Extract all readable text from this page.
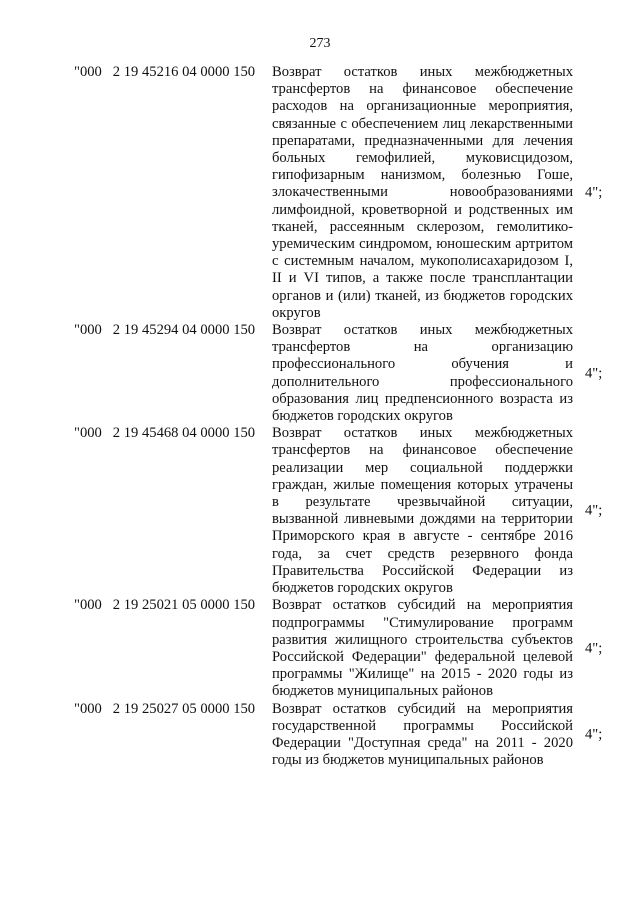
273
"000   2 19 45216 04 0000 150 Возврат остатков иных межбюджетных трансфертов на финансовое обеспечение расходов на организационные мероприятия, связанные с обеспечением лиц лекарственными препаратами, предназначенными для лечения больных гемофилией, муковисцидозом, гипофизарным нанизмом, болезнью Гоше, злокачественными новообразованиями лимфоидной, кроветворной и родственных им тканей, рассеянным склерозом, гемолитико-уремическим синдромом, юношеским артритом с системным началом, мукополисахаридозом I, II и VI типов, а также после трансплантации органов и (или) тканей, из бюджетов городских округов
4";
"000   2 19 45294 04 0000 150 Возврат остатков иных межбюджетных трансфертов на организацию профессионального обучения и дополнительного профессионального образования лиц предпенсионного возраста из бюджетов городских округов
4";
"000   2 19 45468 04 0000 150 Возврат остатков иных межбюджетных трансфертов на финансовое обеспечение реализации мер социальной поддержки граждан, жилые помещения которых утрачены в результате чрезвычайной ситуации, вызванной ливневыми дождями на территории Приморского края в августе - сентябре 2016 года, за счет средств резервного фонда Правительства Российской Федерации из бюджетов городских округов
4";
"000   2 19 25021 05 0000 150 Возврат остатков субсидий на мероприятия подпрограммы "Стимулирование программ развития жилищного строительства субъектов Российской Федерации" федеральной целевой программы "Жилище" на 2015 - 2020 годы из бюджетов муниципальных районов
4";
"000   2 19 25027 05 0000 150 Возврат остатков субсидий на мероприятия государственной программы Российской Федерации "Доступная среда" на 2011 - 2020 годы из бюджетов муниципальных районов
4";
